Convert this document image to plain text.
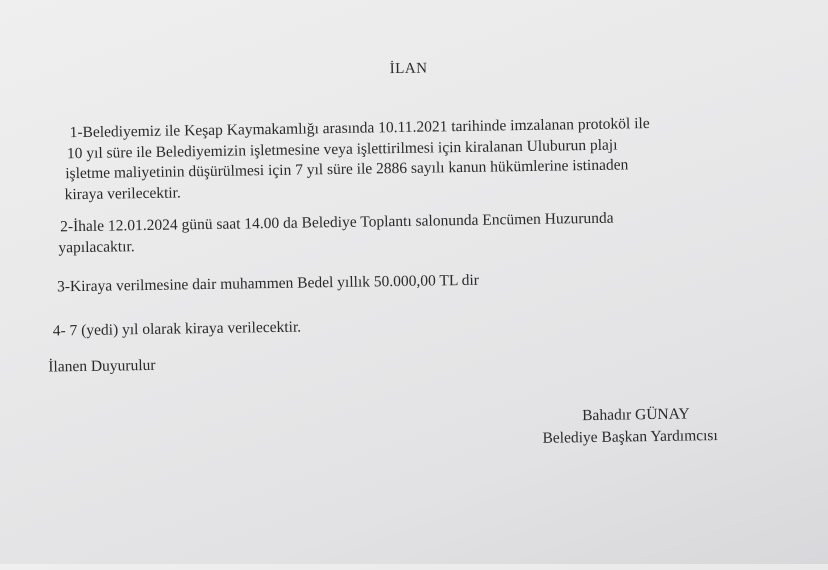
İLAN
1-Belediyemiz ile Keşap Kaymakamlığı arasında 10.11.2021 tarihinde imzalanan protoköl ile
10 yıl süre ile Belediyemizin işletmesine veya işlettirilmesi için kiralanan Uluburun plajı
işletme maliyetinin düşürülmesi için 7 yıl süre ile 2886 sayılı kanun hükümlerine istinaden
kiraya verilecektir.
2-İhale 12.01.2024 günü saat 14.00 da Belediye Toplantı salonunda Encümen Huzurunda
yapılacaktır.
3-Kiraya verilmesine dair muhammen Bedel yıllık 50.000,00 TL dir
4- 7 (yedi) yıl olarak kiraya verilecektir.
İlanen Duyurulur
Bahadır GÜNAY
Belediye Başkan Yardımcısı
